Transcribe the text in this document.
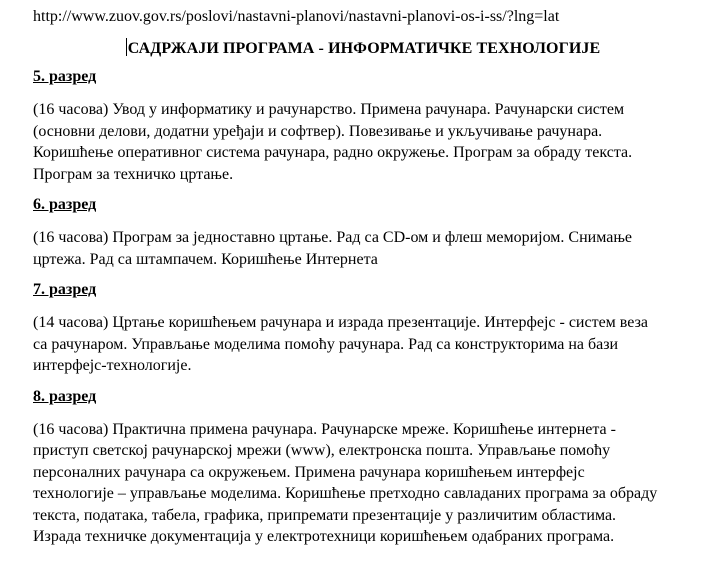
http://www.zuov.gov.rs/poslovi/nastavni-planovi/nastavni-planovi-os-i-ss/?lng=lat

САДРЖАЈИ ПРОГРАМА - ИНФОРМАТИЧКЕ ТЕХНОЛОГИЈЕ

5. разред

(16 часова) Увод у информатику и рачунарство. Примена рачунара. Рачунарски систем (основни делови, додатни уређаји и софтвер). Повезивање и укључивање рачунара. Коришћење оперативног система рачунара, радно окружење. Програм за обраду текста. Програм за техничко цртање.

6. разред

(16 часова) Програм за једноставно цртање. Рад са CD-ом и флеш меморијом. Снимање цртежа. Рад са штампачем. Коришћење Интернета

7. разред

(14 часова) Цртање коришћењем рачунара и израда презентације. Интерфејс - систем веза са рачунаром. Управљање моделима помоћу рачунара. Рад са конструкторима на бази интерфејс-технологије.

8. разред

(16 часова) Практична примена рачунара. Рачунарске мреже. Коришћење интернета - приступ светској рачунарској мрежи (www), електронска пошта. Управљање помоћу персоналних рачунара са окружењем. Примена рачунара коришћењем интерфејс технологије – управљање моделима. Коришћење претходно савладаних програма за обраду текста, података, табела, графика, припремати презентације у различитим областима. Израда техничке документација у електротехници коришћењем одабраних програма.
